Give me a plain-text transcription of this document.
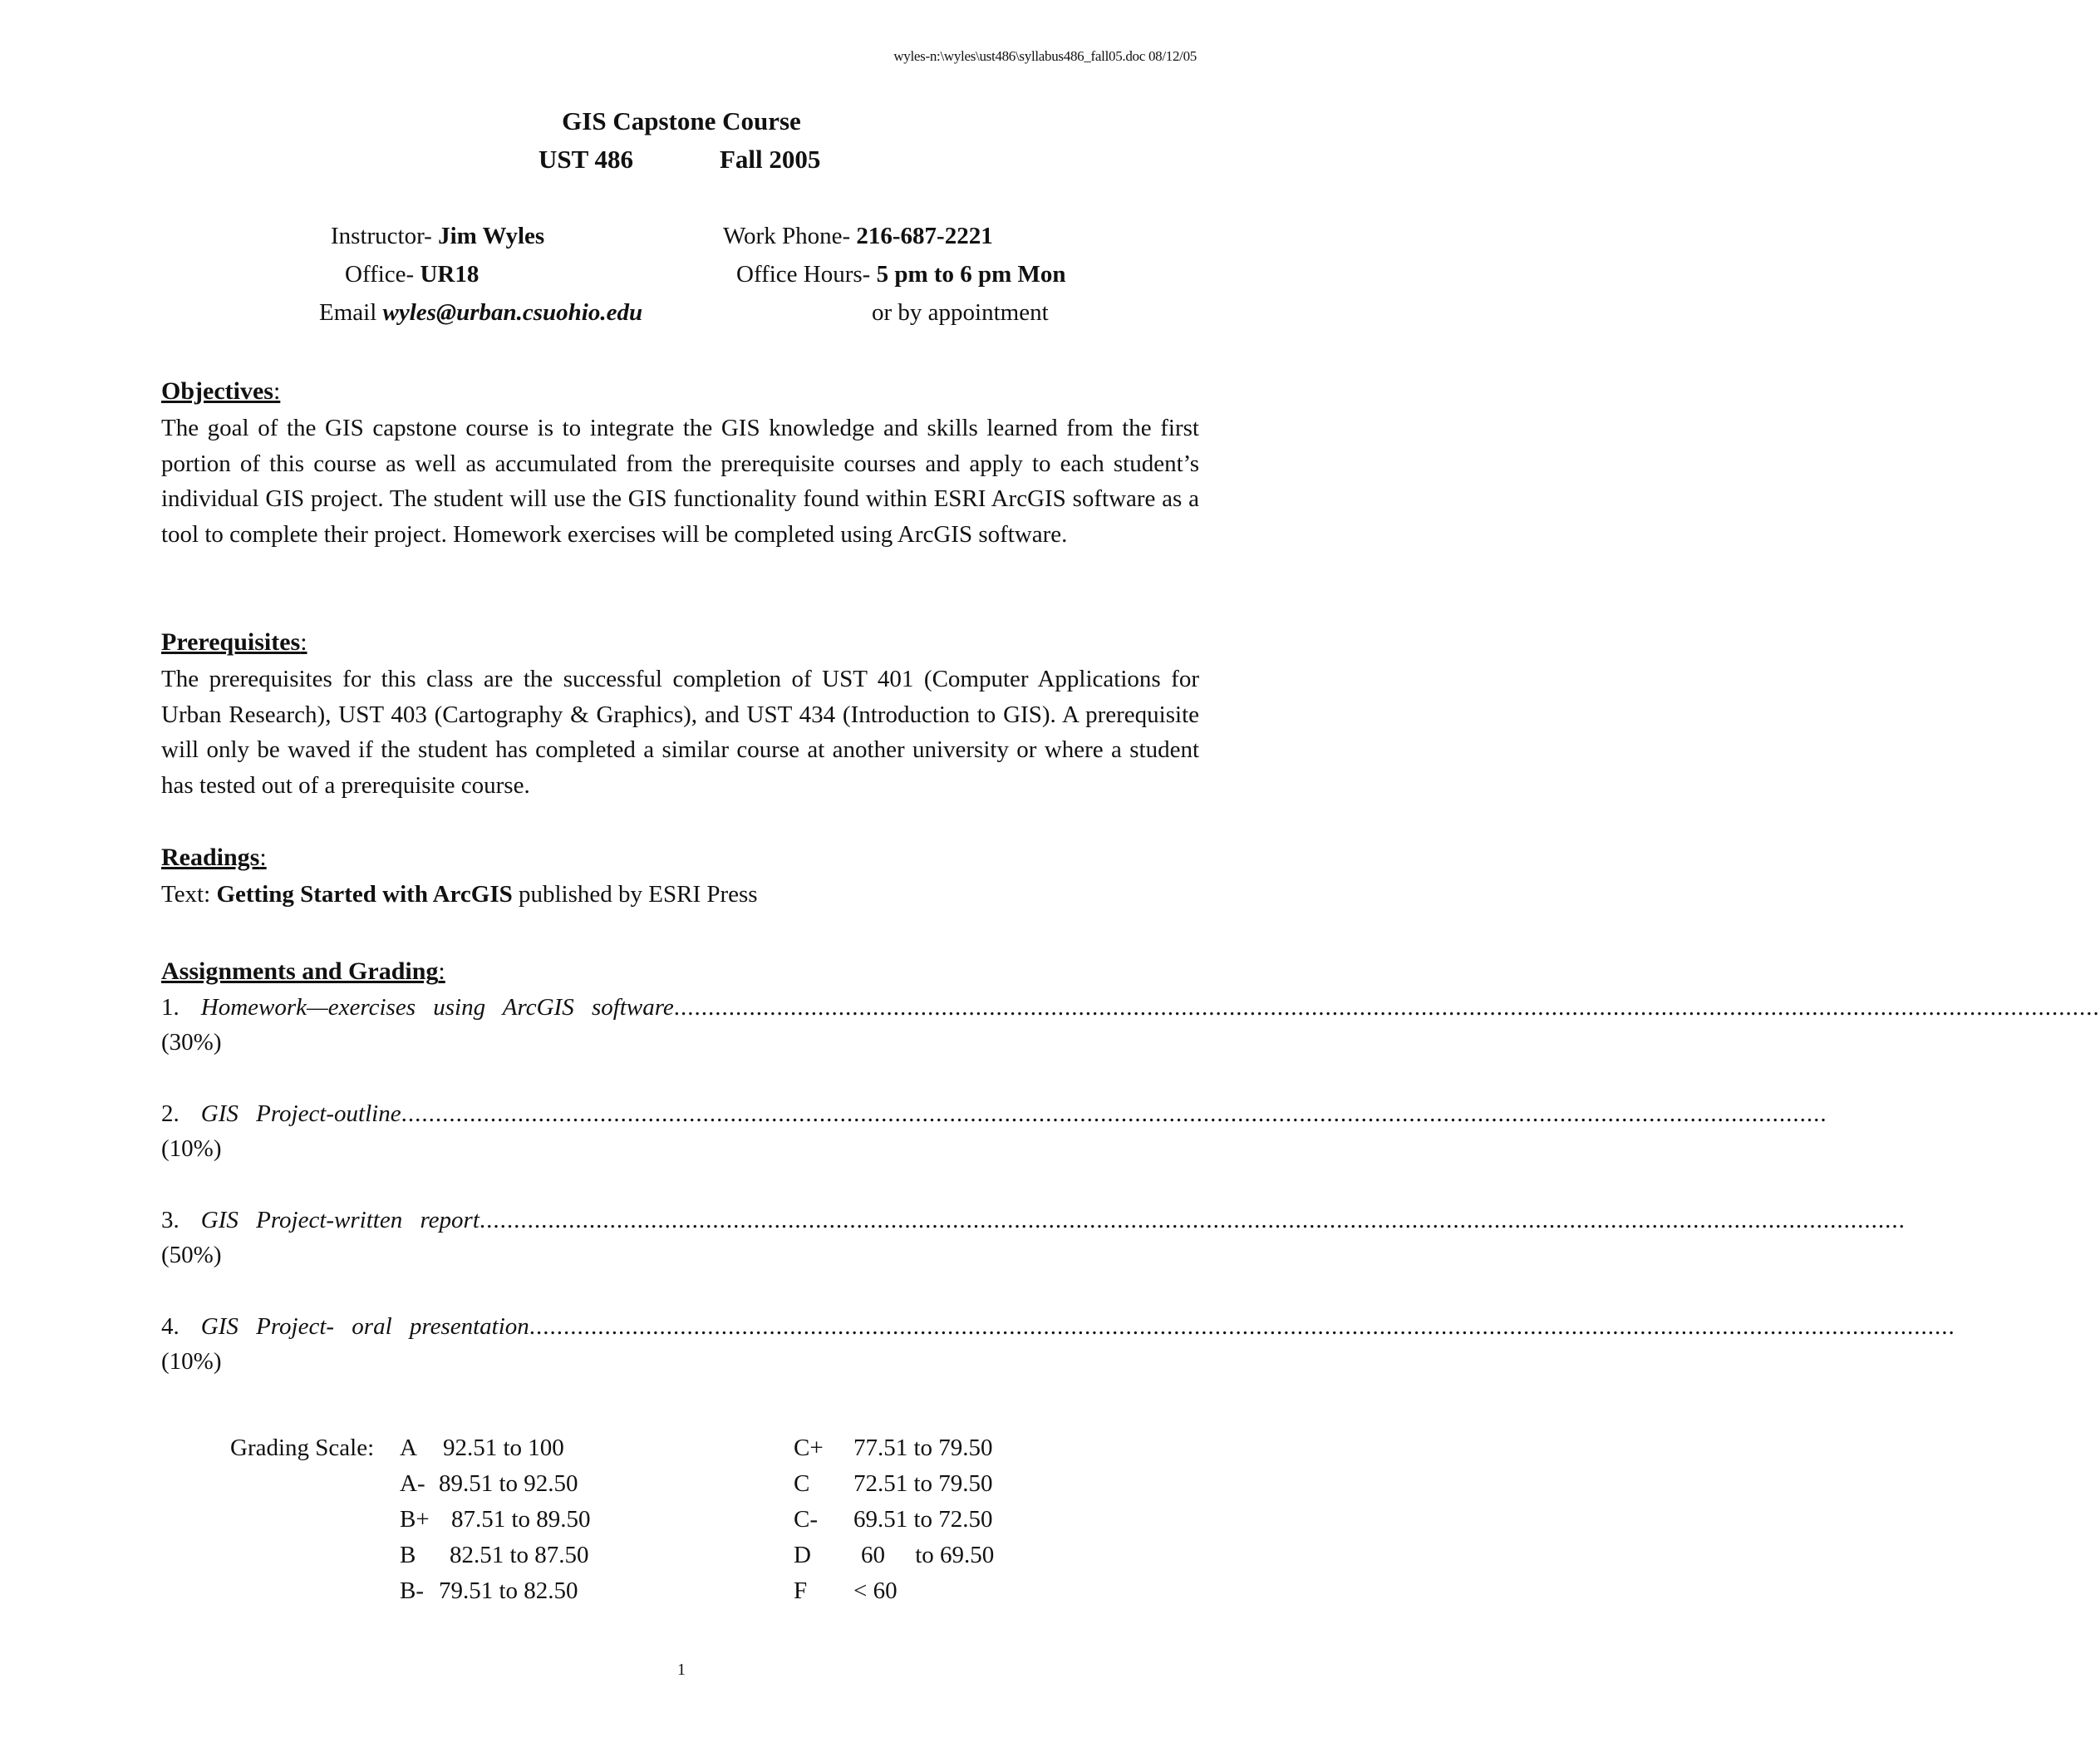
wyles-n:\wyles\ust486\syllabus486_fall05.doc 08/12/05
GIS Capstone Course
UST 486	Fall 2005
Instructor- Jim Wyles
Office- UR18
Email wyles@urban.csuohio.edu
Work Phone- 216-687-2221
Office Hours- 5 pm to 6 pm Mon
or by appointment
Objectives:
The goal of the GIS capstone course is to integrate the GIS knowledge and skills learned from the first portion of this course as well as accumulated from the prerequisite courses and apply to each student’s individual GIS project. The student will use the GIS functionality found within ESRI ArcGIS software as a tool to complete their project. Homework exercises will be completed using ArcGIS software.
Prerequisites:
The prerequisites for this class are the successful completion of UST 401 (Computer Applications for Urban Research), UST 403 (Cartography & Graphics), and UST 434 (Introduction to GIS). A prerequisite will only be waved if the student has completed a similar course at another university or where a student has tested out of a prerequisite course.
Readings:
Text: Getting Started with ArcGIS published by ESRI Press
Assignments and Grading:
1. Homework—exercises using ArcGIS software ................................................................................................................................................................................................................
(30%)
2. GIS Project-outline ................................................................................................................................................................................................................
(10%)
3. GIS Project-written report ................................................................................................................................................................................................................
(50%)
4. GIS Project- oral presentation ................................................................................................................................................................................................................
(10%)
Grading Scale: A 92.51 to 100
A- 89.51 to 92.50
B+ 87.51 to 89.50
B 82.51 to 87.50
B- 79.51 to 82.50
C+ 77.51 to 79.50
C 72.51 to 79.50
C- 69.51 to 72.50
D 60     to 69.50
F < 60
1
